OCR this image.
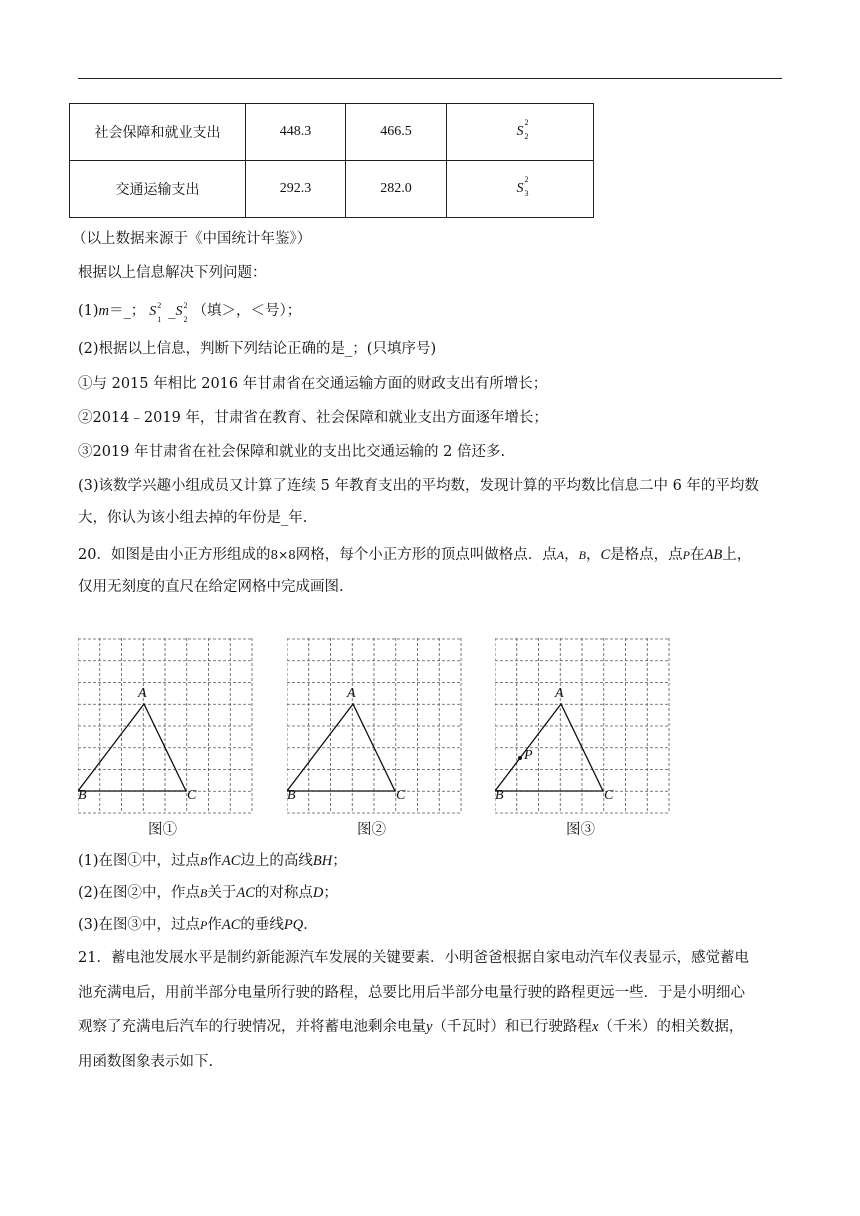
社会保障和就业支出	448.3	466.5	S
2
2

交通运输支出	292.3	282.0	S
2
3
（以上数据来源于《中国统计年鉴》）
根据以上信息解决下列问题：
(1)m＝_； S 2
1
_S 2
2
（填＞，＜号）；
(2)根据以上信息，判断下列结论正确的是_；(只填序号)
①与 2015 年相比 2016 年甘肃省在交通运输方面的财政支出有所增长；
②2014﹣2019 年，甘肃省在教育、社会保障和就业支出方面逐年增长；
③2019 年甘肃省在社会保障和就业的支出比交通运输的 2 倍还多.
(3)该数学兴趣小组成员又计算了连续 5 年教育支出的平均数，发现计算的平均数比信息二中 6 年的平均数
大，你认为该小组去掉的年份是_年.
20．如图是由小正方形组成的8×8网格，每个小正方形的顶点叫做格点．点A，B，C是格点，点P在AB上，
仅用无刻度的直尺在给定网格中完成画图.
A
B	C
A
B	C
A
B	C
P
图①	图②	图③
(1)在图①中，过点B作AC边上的高线BH；
(2)在图②中，作点B关于AC的对称点D；
(3)在图③中，过点P作AC的垂线PQ．
21．蓄电池发展水平是制约新能源汽车发展的关键要素．小明爸爸根据自家电动汽车仪表显示，感觉蓄电
池充满电后，用前半部分电量所行驶的路程，总要比用后半部分电量行驶的路程更远一些．于是小明细心
观察了充满电后汽车的行驶情况，并将蓄电池剩余电量y（千瓦时）和已行驶路程x（千米）的相关数据，
用函数图象表示如下.
